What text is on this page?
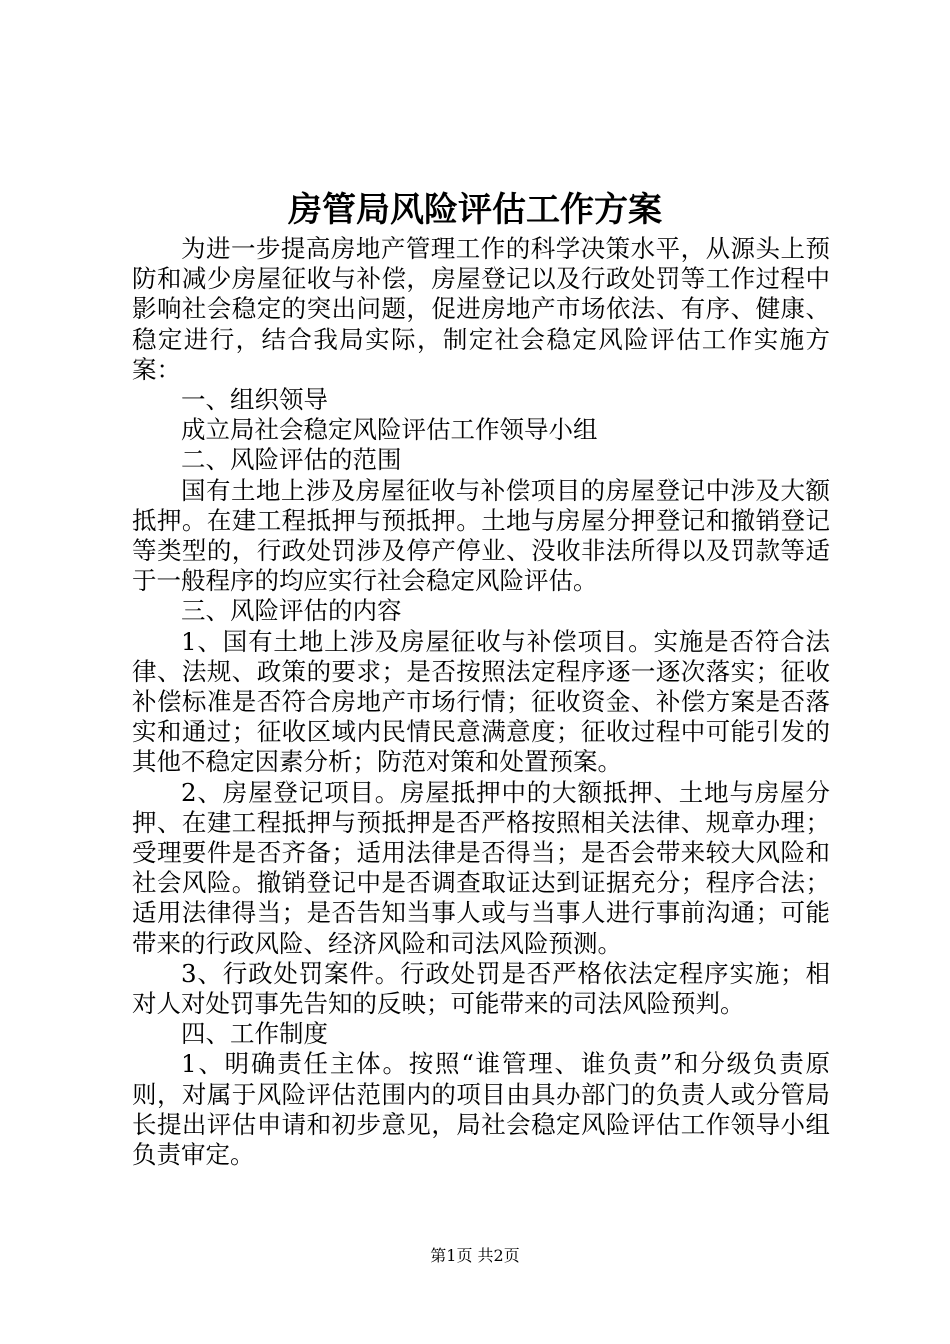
房管局风险评估工作方案

为进一步提高房地产管理工作的科学决策水平，从源头上预防和减少房屋征收与补偿，房屋登记以及行政处罚等工作过程中影响社会稳定的突出问题，促进房地产市场依法、有序、健康、稳定进行，结合我局实际，制定社会稳定风险评估工作实施方案：

一、组织领导

成立局社会稳定风险评估工作领导小组

二、风险评估的范围

国有土地上涉及房屋征收与补偿项目的房屋登记中涉及大额抵押。在建工程抵押与预抵押。土地与房屋分押登记和撤销登记等类型的，行政处罚涉及停产停业、没收非法所得以及罚款等适于一般程序的均应实行社会稳定风险评估。

三、风险评估的内容

1、国有土地上涉及房屋征收与补偿项目。实施是否符合法律、法规、政策的要求；是否按照法定程序逐一逐次落实；征收补偿标准是否符合房地产市场行情；征收资金、补偿方案是否落实和通过；征收区域内民情民意满意度；征收过程中可能引发的其他不稳定因素分析；防范对策和处置预案。

2、房屋登记项目。房屋抵押中的大额抵押、土地与房屋分押、在建工程抵押与预抵押是否严格按照相关法律、规章办理；受理要件是否齐备；适用法律是否得当；是否会带来较大风险和社会风险。撤销登记中是否调查取证达到证据充分；程序合法；适用法律得当；是否告知当事人或与当事人进行事前沟通；可能带来的行政风险、经济风险和司法风险预测。

3、行政处罚案件。行政处罚是否严格依法定程序实施；相对人对处罚事先告知的反映；可能带来的司法风险预判。

四、工作制度

1、明确责任主体。按照“谁管理、谁负责”和分级负责原则，对属于风险评估范围内的项目由具办部门的负责人或分管局长提出评估申请和初步意见，局社会稳定风险评估工作领导小组负责审定。

第1页 共2页
